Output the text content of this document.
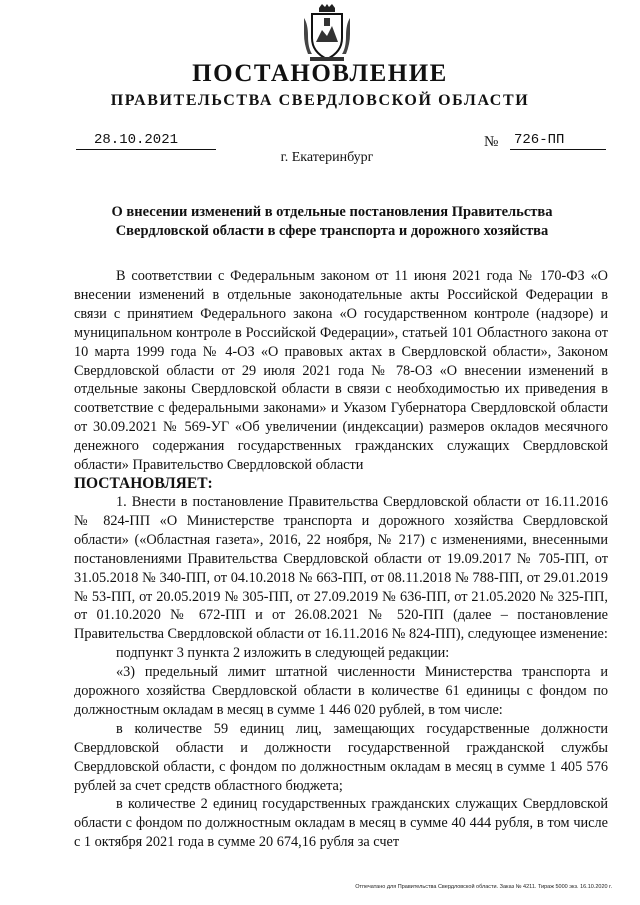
ПОСТАНОВЛЕНИЕ
ПРАВИТЕЛЬСТВА СВЕРДЛОВСКОЙ ОБЛАСТИ
28.10.2021	№ 726-ПП
г. Екатеринбург
О внесении изменений в отдельные постановления Правительства Свердловской области в сфере транспорта и дорожного хозяйства

В соответствии с Федеральным законом от 11 июня 2021 года № 170-ФЗ «О внесении изменений в отдельные законодательные акты Российской Федерации в связи с принятием Федерального закона «О государственном контроле (надзоре) и муниципальном контроле в Российской Федерации», статьей 101 Областного закона от 10 марта 1999 года № 4-ОЗ «О правовых актах в Свердловской области», Законом Свердловской области от 29 июля 2021 года № 78-ОЗ «О внесении изменений в отдельные законы Свердловской области в связи с необходимостью их приведения в соответствие с федеральными законами» и Указом Губернатора Свердловской области от 30.09.2021 № 569-УГ «Об увеличении (индексации) размеров окладов месячного денежного содержания государственных гражданских служащих Свердловской области» Правительство Свердловской области

ПОСТАНОВЛЯЕТ:

1. Внести в постановление Правительства Свердловской области от 16.11.2016 № 824-ПП «О Министерстве транспорта и дорожного хозяйства Свердловской области» («Областная газета», 2016, 22 ноября, № 217) с изменениями, внесенными постановлениями Правительства Свердловской области от 19.09.2017 № 705-ПП, от 31.05.2018 № 340-ПП, от 04.10.2018 № 663-ПП, от 08.11.2018 № 788-ПП, от 29.01.2019 № 53-ПП, от 20.05.2019 № 305-ПП, от 27.09.2019 № 636-ПП, от 21.05.2020 № 325-ПП, от 01.10.2020 № 672-ПП и от 26.08.2021 № 520-ПП (далее – постановление Правительства Свердловской области от 16.11.2016 № 824-ПП), следующее изменение:

подпункт 3 пункта 2 изложить в следующей редакции:

«3) предельный лимит штатной численности Министерства транспорта и дорожного хозяйства Свердловской области в количестве 61 единицы с фондом по должностным окладам в месяц в сумме 1 446 020 рублей, в том числе:

в количестве 59 единиц лиц, замещающих государственные должности Свердловской области и должности государственной гражданской службы Свердловской области, с фондом по должностным окладам в месяц в сумме 1 405 576 рублей за счет средств областного бюджета;

в количестве 2 единиц государственных гражданских служащих Свердловской области с фондом по должностным окладам в месяц в сумме 40 444 рубля, в том числе с 1 октября 2021 года в сумме 20 674,16 рубля за счет

Отпечатано для Правительства Свердловской области. Заказ № 4211. Тираж 5000 экз. 16.10.2020 г.
